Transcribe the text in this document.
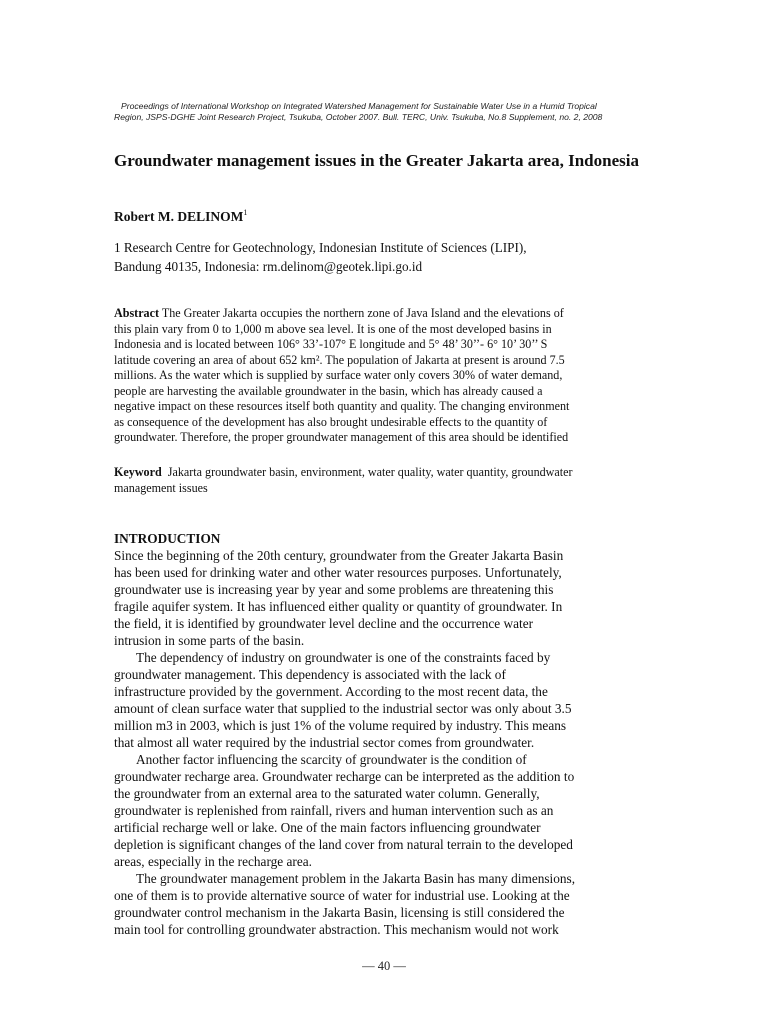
Proceedings of International Workshop on Integrated Watershed Management for Sustainable Water Use in a Humid Tropical
Region, JSPS-DGHE Joint Research Project, Tsukuba, October 2007. Bull. TERC, Univ. Tsukuba, No.8 Supplement, no. 2, 2008
Groundwater management issues in the Greater Jakarta area, Indonesia
Robert M. DELINOM$^1$
1 Research Centre for Geotechnology, Indonesian Institute of Sciences (LIPI),
Bandung 40135, Indonesia: rm.delinom@geotek.lipi.go.id
Abstract The Greater Jakarta occupies the northern zone of Java Island and the elevations of
this plain vary from 0 to 1,000 m above sea level. It is one of the most developed basins in
Indonesia and is located between 106° 33’-107° E longitude and 5° 48’ 30’’- 6° 10’ 30’’ S
latitude covering an area of about 652 km². The population of Jakarta at present is around 7.5
millions. As the water which is supplied by surface water only covers 30% of water demand,
people are harvesting the available groundwater in the basin, which has already caused a
negative impact on these resources itself both quantity and quality. The changing environment
as consequence of the development has also brought undesirable effects to the quantity of
groundwater. Therefore, the proper groundwater management of this area should be identified
Keyword  Jakarta groundwater basin, environment, water quality, water quantity, groundwater
management issues
INTRODUCTION
Since the beginning of the 20th century, groundwater from the Greater Jakarta Basin
has been used for drinking water and other water resources purposes. Unfortunately,
groundwater use is increasing year by year and some problems are threatening this
fragile aquifer system. It has influenced either quality or quantity of groundwater. In
the field, it is identified by groundwater level decline and the occurrence water
intrusion in some parts of the basin.
The dependency of industry on groundwater is one of the constraints faced by
groundwater management. This dependency is associated with the lack of
infrastructure provided by the government. According to the most recent data, the
amount of clean surface water that supplied to the industrial sector was only about 3.5
million m3 in 2003, which is just 1% of the volume required by industry. This means
that almost all water required by the industrial sector comes from groundwater.
Another factor influencing the scarcity of groundwater is the condition of
groundwater recharge area. Groundwater recharge can be interpreted as the addition to
the groundwater from an external area to the saturated water column. Generally,
groundwater is replenished from rainfall, rivers and human intervention such as an
artificial recharge well or lake. One of the main factors influencing groundwater
depletion is significant changes of the land cover from natural terrain to the developed
areas, especially in the recharge area.
The groundwater management problem in the Jakarta Basin has many dimensions,
one of them is to provide alternative source of water for industrial use. Looking at the
groundwater control mechanism in the Jakarta Basin, licensing is still considered the
main tool for controlling groundwater abstraction. This mechanism would not work
— 40 —
